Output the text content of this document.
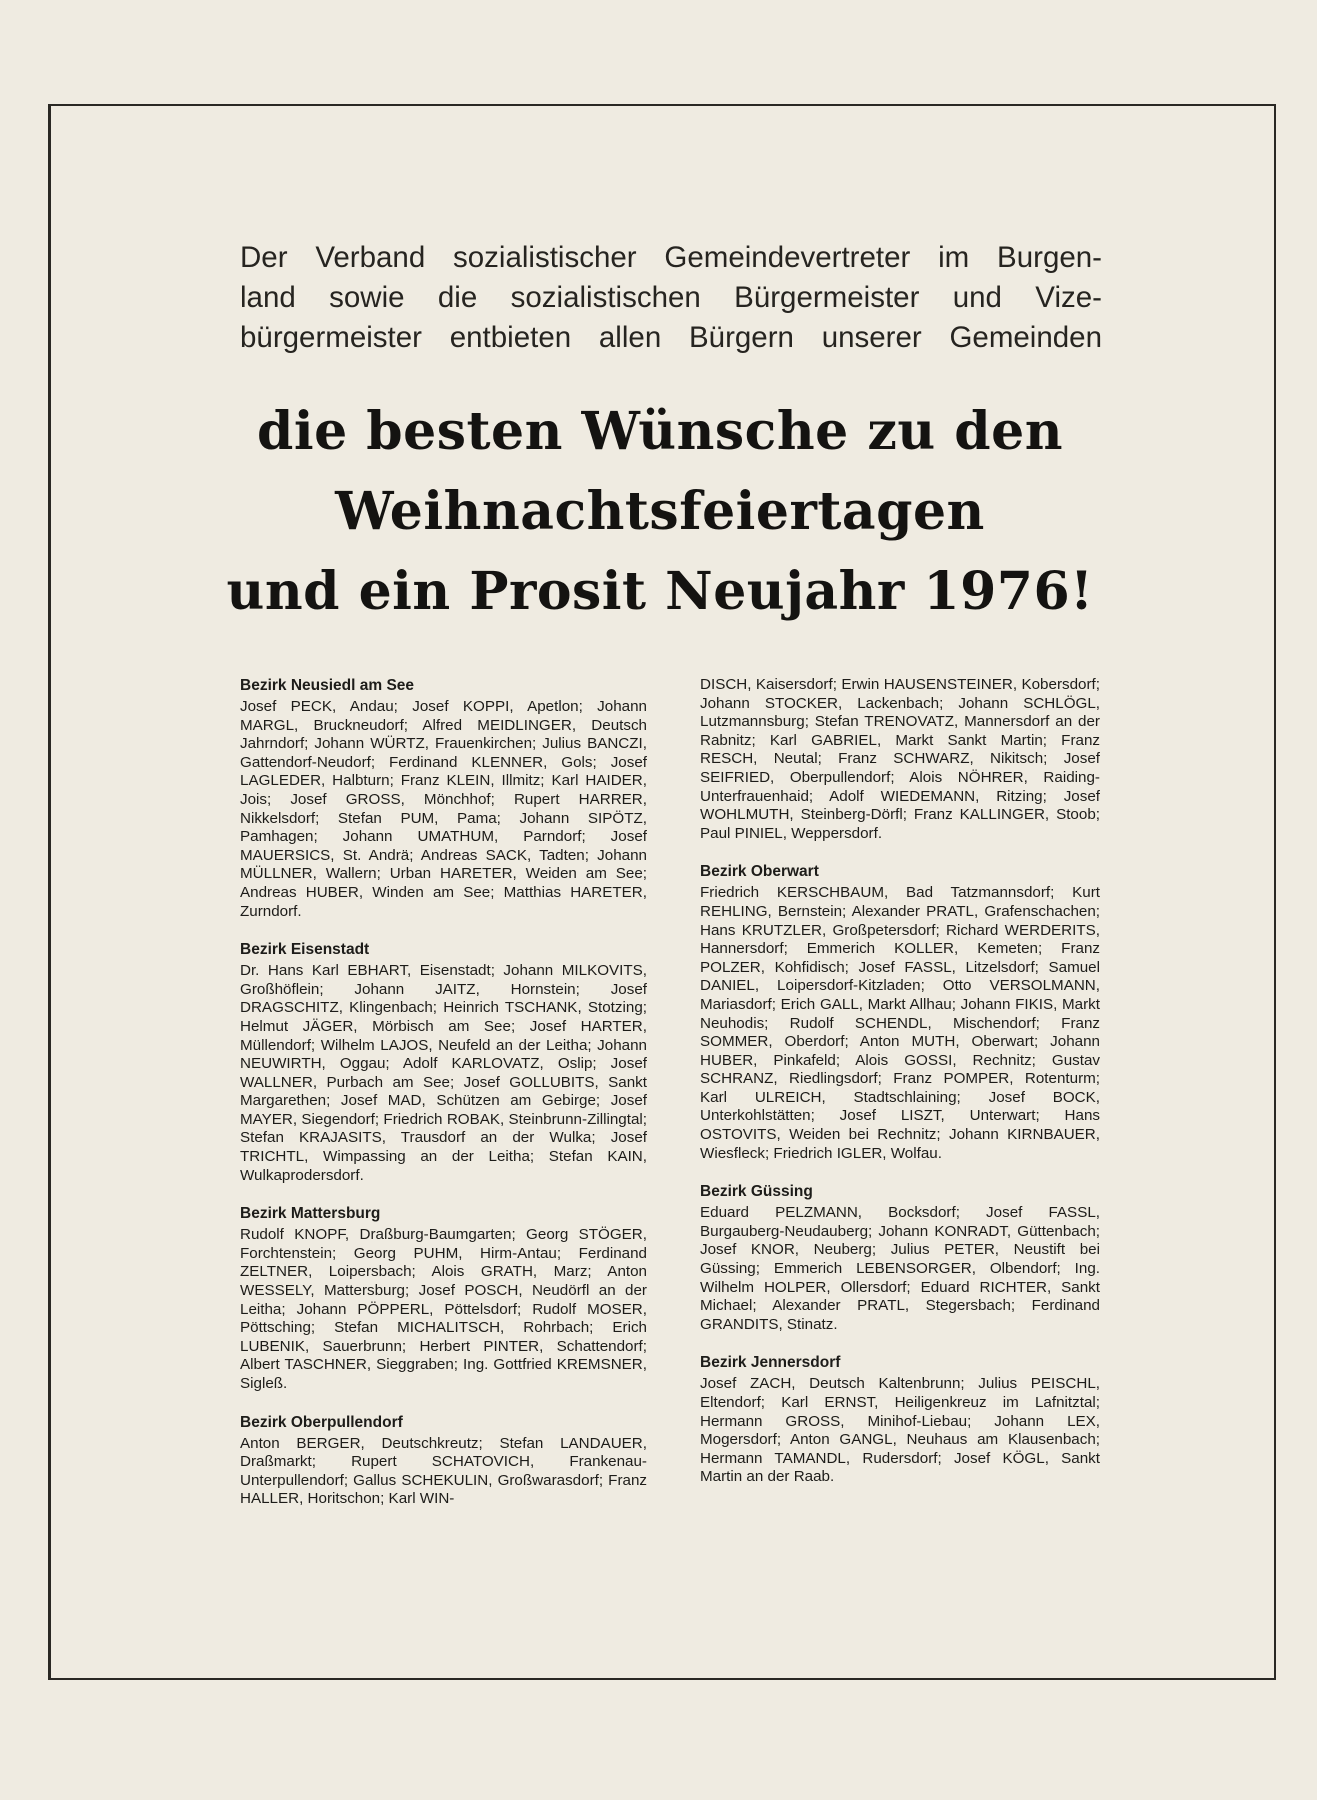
Der Verband sozialistischer Gemeindevertreter im Burgen-
land sowie die sozialistischen Bürgermeister und Vize-
bürgermeister entbieten allen Bürgern unserer Gemeinden
die besten Wünsche zu den
Weihnachtsfeiertagen
und ein Prosit Neujahr 1976!
Bezirk Neusiedl am See

Josef PECK, Andau; Josef KOPPI, Apetlon; Johann MARGL, Bruckneudorf; Alfred MEIDLINGER, Deutsch Jahrndorf; Johann WÜRTZ, Frauenkirchen; Julius BANCZI, Gattendorf-Neudorf; Ferdinand KLENNER, Gols; Josef LAGLEDER, Halbturn; Franz KLEIN, Illmitz; Karl HAIDER, Jois; Josef GROSS, Mönchhof; Rupert HARRER, Nikkelsdorf; Stefan PUM, Pama; Johann SIPÖTZ, Pamhagen; Johann UMATHUM, Parndorf; Josef MAUERSICS, St. Andrä; Andreas SACK, Tadten; Johann MÜLLNER, Wallern; Urban HARETER, Weiden am See; Andreas HUBER, Winden am See; Matthias HARETER, Zurndorf.

Bezirk Eisenstadt

Dr. Hans Karl EBHART, Eisenstadt; Johann MILKOVITS, Großhöflein; Johann JAITZ, Hornstein; Josef DRAGSCHITZ, Klingenbach; Heinrich TSCHANK, Stotzing; Helmut JÄGER, Mörbisch am See; Josef HARTER, Müllendorf; Wilhelm LAJOS, Neufeld an der Leitha; Johann NEUWIRTH, Oggau; Adolf KARLOVATZ, Oslip; Josef WALLNER, Purbach am See; Josef GOLLUBITS, Sankt Margarethen; Josef MAD, Schützen am Gebirge; Josef MAYER, Siegendorf; Friedrich ROBAK, Steinbrunn-Zillingtal; Stefan KRAJASITS, Trausdorf an der Wulka; Josef TRICHTL, Wimpassing an der Leitha; Stefan KAIN, Wulkaprodersdorf.

Bezirk Mattersburg

Rudolf KNOPF, Draßburg-Baumgarten; Georg STÖGER, Forchtenstein; Georg PUHM, Hirm-Antau; Ferdinand ZELTNER, Loipersbach; Alois GRATH, Marz; Anton WESSELY, Mattersburg; Josef POSCH, Neudörfl an der Leitha; Johann PÖPPERL, Pöttelsdorf; Rudolf MOSER, Pöttsching; Stefan MICHALITSCH, Rohrbach; Erich LUBENIK, Sauerbrunn; Herbert PINTER, Schattendorf; Albert TASCHNER, Sieggraben; Ing. Gottfried KREMSNER, Sigleß.

Bezirk Oberpullendorf

Anton BERGER, Deutschkreutz; Stefan LANDAUER, Draßmarkt; Rupert SCHATOVICH, Frankenau-Unterpullendorf; Gallus SCHEKULIN, Großwarasdorf; Franz HALLER, Horitschon; Karl WIN-

DISCH, Kaisersdorf; Erwin HAUSENSTEINER, Kobersdorf; Johann STOCKER, Lackenbach; Johann SCHLÖGL, Lutzmannsburg; Stefan TRENOVATZ, Mannersdorf an der Rabnitz; Karl GABRIEL, Markt Sankt Martin; Franz RESCH, Neutal; Franz SCHWARZ, Nikitsch; Josef SEIFRIED, Oberpullendorf; Alois NÖHRER, Raiding-Unterfrauenhaid; Adolf WIEDEMANN, Ritzing; Josef WOHLMUTH, Steinberg-Dörfl; Franz KALLINGER, Stoob; Paul PINIEL, Weppersdorf.

Bezirk Oberwart

Friedrich KERSCHBAUM, Bad Tatzmannsdorf; Kurt REHLING, Bernstein; Alexander PRATL, Grafenschachen; Hans KRUTZLER, Großpetersdorf; Richard WERDERITS, Hannersdorf; Emmerich KOLLER, Kemeten; Franz POLZER, Kohfidisch; Josef FASSL, Litzelsdorf; Samuel DANIEL, Loipersdorf-Kitzladen; Otto VERSOLMANN, Mariasdorf; Erich GALL, Markt Allhau; Johann FIKIS, Markt Neuhodis; Rudolf SCHENDL, Mischendorf; Franz SOMMER, Oberdorf; Anton MUTH, Oberwart; Johann HUBER, Pinkafeld; Alois GOSSI, Rechnitz; Gustav SCHRANZ, Riedlingsdorf; Franz POMPER, Rotenturm; Karl ULREICH, Stadtschlaining; Josef BOCK, Unterkohlstätten; Josef LISZT, Unterwart; Hans OSTOVITS, Weiden bei Rechnitz; Johann KIRNBAUER, Wiesfleck; Friedrich IGLER, Wolfau.

Bezirk Güssing

Eduard PELZMANN, Bocksdorf; Josef FASSL, Burgauberg-Neudauberg; Johann KONRADT, Güttenbach; Josef KNOR, Neuberg; Julius PETER, Neustift bei Güssing; Emmerich LEBENSORGER, Olbendorf; Ing. Wilhelm HOLPER, Ollersdorf; Eduard RICHTER, Sankt Michael; Alexander PRATL, Stegersbach; Ferdinand GRANDITS, Stinatz.

Bezirk Jennersdorf

Josef ZACH, Deutsch Kaltenbrunn; Julius PEISCHL, Eltendorf; Karl ERNST, Heiligenkreuz im Lafnitztal; Hermann GROSS, Minihof-Liebau; Johann LEX, Mogersdorf; Anton GANGL, Neuhaus am Klausenbach; Hermann TAMANDL, Rudersdorf; Josef KÖGL, Sankt Martin an der Raab.
